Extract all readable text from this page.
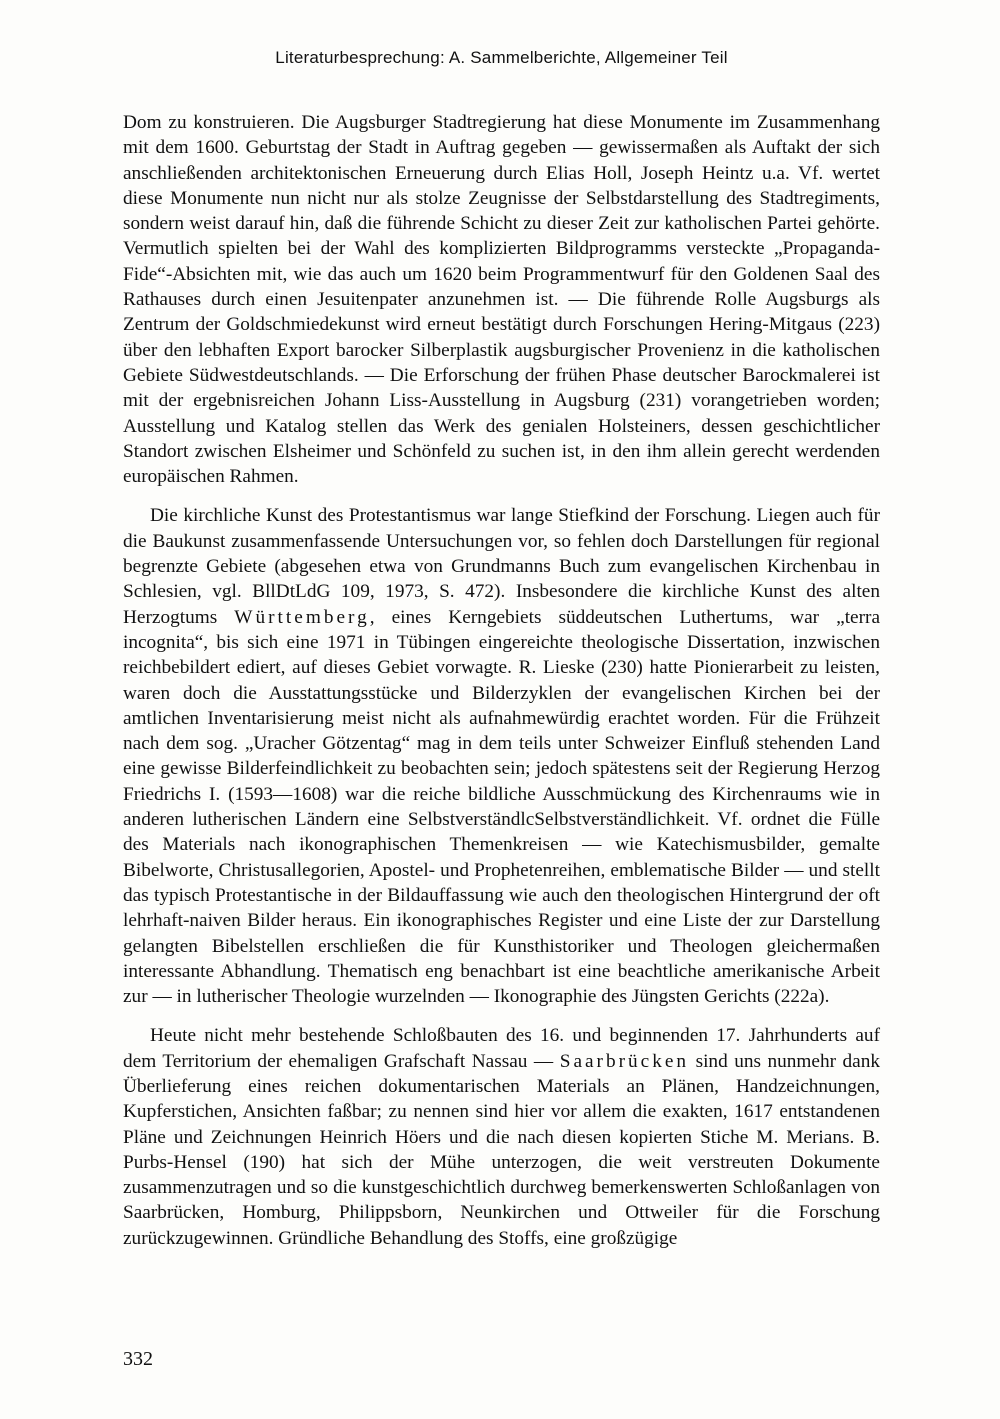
Literaturbesprechung: A. Sammelberichte, Allgemeiner Teil

Dom zu konstruieren. Die Augsburger Stadtregierung hat diese Monumente im Zusammenhang mit dem 1600. Geburtstag der Stadt in Auftrag gegeben — gewissermaßen als Auftakt der sich anschließenden architektonischen Erneuerung durch Elias Holl, Joseph Heintz u.a. Vf. wertet diese Monumente nun nicht nur als stolze Zeugnisse der Selbstdarstellung des Stadtregiments, sondern weist darauf hin, daß die führende Schicht zu dieser Zeit zur katholischen Partei gehörte. Vermutlich spielten bei der Wahl des komplizierten Bildprogramms versteckte „Propaganda-Fide“-Absichten mit, wie das auch um 1620 beim Programmentwurf für den Goldenen Saal des Rathauses durch einen Jesuitenpater anzunehmen ist. — Die führende Rolle Augsburgs als Zentrum der Goldschmiedekunst wird erneut bestätigt durch Forschungen Hering-Mitgaus (223) über den lebhaften Export barocker Silberplastik augsburgischer Provenienz in die katholischen Gebiete Südwestdeutschlands. — Die Erforschung der frühen Phase deutscher Barockmalerei ist mit der ergebnisreichen Johann Liss-Ausstellung in Augsburg (231) vorangetrieben worden; Ausstellung und Katalog stellen das Werk des genialen Holsteiners, dessen geschichtlicher Standort zwischen Elsheimer und Schönfeld zu suchen ist, in den ihm allein gerecht werdenden europäischen Rahmen.

Die kirchliche Kunst des Protestantismus war lange Stiefkind der Forschung. Liegen auch für die Baukunst zusammenfassende Untersuchungen vor, so fehlen doch Darstellungen für regional begrenzte Gebiete (abgesehen etwa von Grundmanns Buch zum evangelischen Kirchenbau in Schlesien, vgl. BllDtLdG 109, 1973, S. 472). Insbesondere die kirchliche Kunst des alten Herzogtums Württemberg, eines Kerngebiets süddeutschen Luthertums, war „terra incognita“, bis sich eine 1971 in Tübingen eingereichte theologische Dissertation, inzwischen reichbebildert ediert, auf dieses Gebiet vorwagte. R. Lieske (230) hatte Pionierarbeit zu leisten, waren doch die Ausstattungsstücke und Bilderzyklen der evangelischen Kirchen bei der amtlichen Inventarisierung meist nicht als aufnahmewürdig erachtet worden. Für die Frühzeit nach dem sog. „Uracher Götzentag“ mag in dem teils unter Schweizer Einfluß stehenden Land eine gewisse Bilderfeindlichkeit zu beobachten sein; jedoch spätestens seit der Regierung Herzog Friedrichs I. (1593—1608) war die reiche bildliche Ausschmückung des Kirchenraums wie in anderen lutherischen Ländern eine SelbstverständlcSelbstverständlichkeit. Vf. ordnet die Fülle des Materials nach ikonographischen Themenkreisen — wie Katechismusbilder, gemalte Bibelworte, Christusallegorien, Apostel- und Prophetenreihen, emblematische Bilder — und stellt das typisch Protestantische in der Bildauffassung wie auch den theologischen Hintergrund der oft lehrhaft-naiven Bilder heraus. Ein ikonographisches Register und eine Liste der zur Darstellung gelangten Bibelstellen erschließen die für Kunsthistoriker und Theologen gleichermaßen interessante Abhandlung. Thematisch eng benachbart ist eine beachtliche amerikanische Arbeit zur — in lutherischer Theologie wurzelnden — Ikonographie des Jüngsten Gerichts (222a).

Heute nicht mehr bestehende Schloßbauten des 16. und beginnenden 17. Jahrhunderts auf dem Territorium der ehemaligen Grafschaft Nassau — Saarbrücken sind uns nunmehr dank Überlieferung eines reichen dokumentarischen Materials an Plänen, Handzeichnungen, Kupferstichen, Ansichten faßbar; zu nennen sind hier vor allem die exakten, 1617 entstandenen Pläne und Zeichnungen Heinrich Höers und die nach diesen kopierten Stiche M. Merians. B. Purbs-Hensel (190) hat sich der Mühe unterzogen, die weit verstreuten Dokumente zusammenzutragen und so die kunstgeschichtlich durchweg bemerkenswerten Schloßanlagen von Saarbrücken, Homburg, Philippsborn, Neunkirchen und Ottweiler für die Forschung zurückzugewinnen. Gründliche Behandlung des Stoffs, eine großzügige

332
